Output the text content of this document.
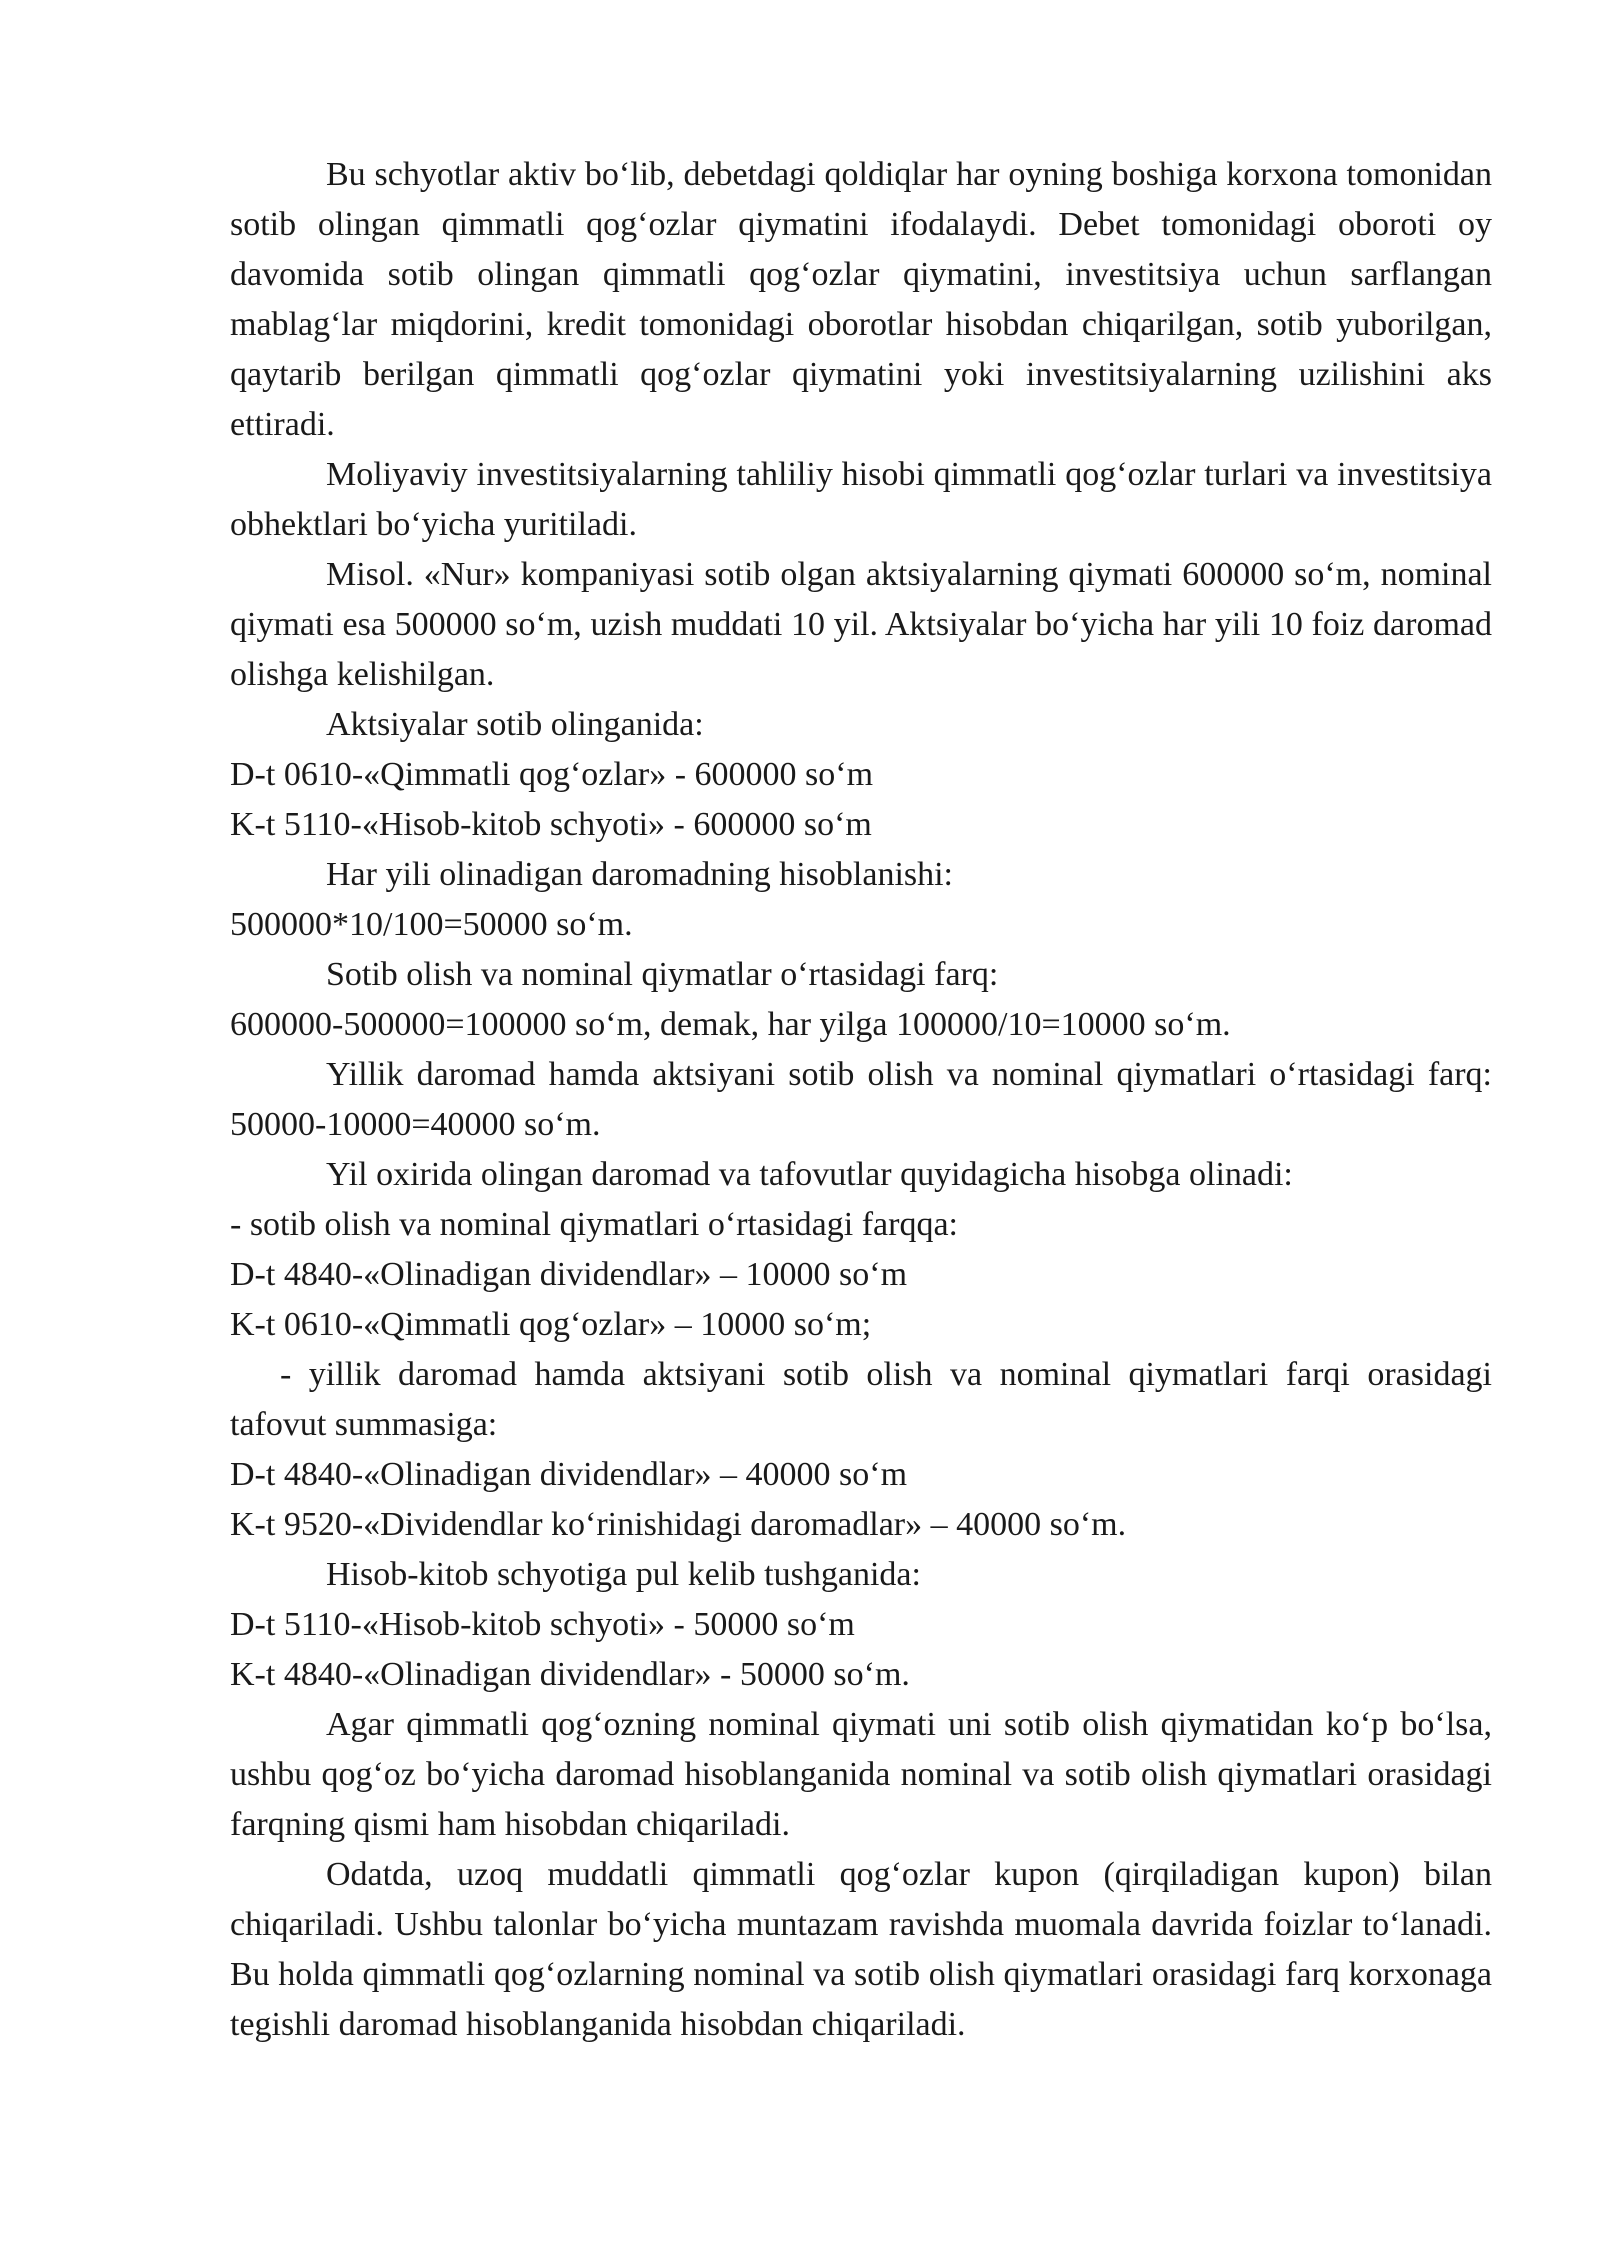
Bu schyotlar aktiv bo‘lib, debetdagi qoldiqlar har oyning boshiga korxona tomonidan sotib olingan qimmatli qog‘ozlar qiymatini ifodalaydi. Debet tomonidagi oboroti oy davomida sotib olingan qimmatli qog‘ozlar qiymatini, investitsiya uchun sarflangan mablag‘lar miqdorini, kredit tomonidagi oborotlar hisobdan chiqarilgan, sotib yuborilgan, qaytarib berilgan qimmatli qog‘ozlar qiymatini yoki investitsiyalarning uzilishini aks ettiradi.

Moliyaviy investitsiyalarning tahliliy hisobi qimmatli qog‘ozlar turlari va investitsiya obhektlari bo‘yicha yuritiladi.

Misol. «Nur» kompaniyasi sotib olgan aktsiyalarning qiymati 600000 so‘m, nominal qiymati esa 500000 so‘m, uzish muddati 10 yil. Aktsiyalar bo‘yicha har yili 10 foiz daromad olishga kelishilgan.

Aktsiyalar sotib olinganida:

D-t 0610-«Qimmatli qog‘ozlar» - 600000 so‘m

K-t 5110-«Hisob-kitob schyoti» - 600000 so‘m

Har yili olinadigan daromadning hisoblanishi:

500000*10/100=50000 so‘m.

Sotib olish va nominal qiymatlar o‘rtasidagi farq:

600000-500000=100000 so‘m, demak, har yilga 100000/10=10000 so‘m.

Yillik daromad hamda aktsiyani sotib olish va nominal qiymatlari o‘rtasidagi farq: 50000-10000=40000 so‘m.

Yil oxirida olingan daromad va tafovutlar quyidagicha hisobga olinadi:

- sotib olish va nominal qiymatlari o‘rtasidagi farqqa:

D-t 4840-«Olinadigan dividendlar» – 10000 so‘m

K-t 0610-«Qimmatli qog‘ozlar» – 10000 so‘m;

- yillik daromad hamda aktsiyani sotib olish va nominal qiymatlari farqi orasidagi tafovut summasiga:

D-t 4840-«Olinadigan dividendlar» – 40000 so‘m

K-t 9520-«Dividendlar ko‘rinishidagi daromadlar» – 40000 so‘m.

Hisob-kitob schyotiga pul kelib tushganida:

D-t 5110-«Hisob-kitob schyoti» - 50000 so‘m

K-t 4840-«Olinadigan dividendlar» - 50000 so‘m.

Agar qimmatli qog‘ozning nominal qiymati uni sotib olish qiymatidan ko‘p bo‘lsa, ushbu qog‘oz bo‘yicha daromad hisoblanganida nominal va sotib olish qiymatlari orasidagi farqning qismi ham hisobdan chiqariladi.

Odatda, uzoq muddatli qimmatli qog‘ozlar kupon (qirqiladigan kupon) bilan chiqariladi. Ushbu talonlar bo‘yicha muntazam ravishda muomala davrida foizlar to‘lanadi. Bu holda qimmatli qog‘ozlarning nominal va sotib olish qiymatlari orasidagi farq korxonaga tegishli daromad hisoblanganida hisobdan chiqariladi.
